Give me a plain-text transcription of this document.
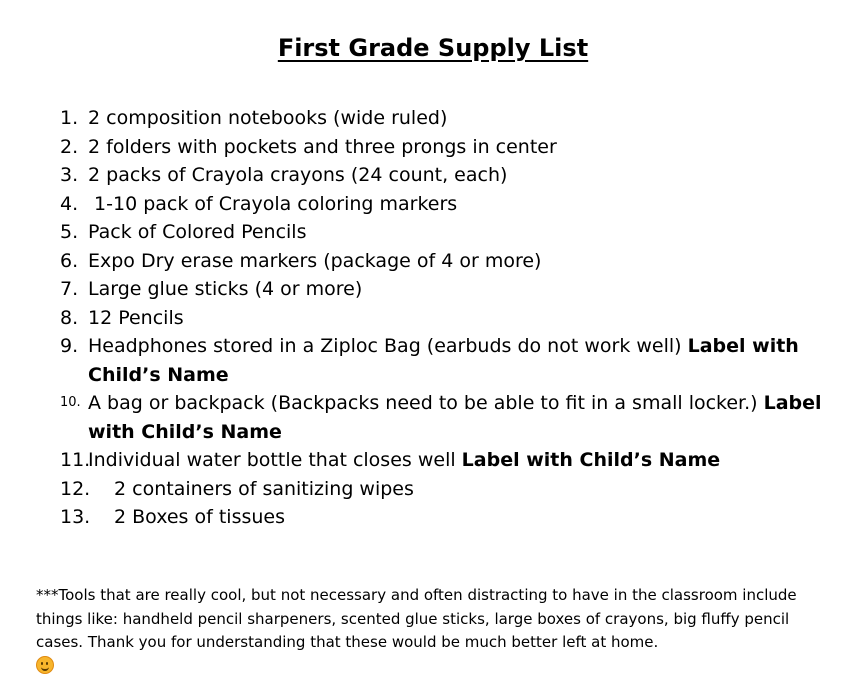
First Grade Supply List
1. 2 composition notebooks (wide ruled)
2. 2 folders with pockets and three prongs in center
3. 2 packs of Crayola crayons (24 count, each)
4. 1-10 pack of Crayola coloring markers
5. Pack of Colored Pencils
6. Expo Dry erase markers (package of 4 or more)
7. Large glue sticks (4 or more)
8. 12 Pencils
9. Headphones stored in a Ziploc Bag (earbuds do not work well) Label with Child’s Name
10. A bag or backpack (Backpacks need to be able to fit in a small locker.) Label with Child’s Name
11.
Individual water bottle that closes well Label with Child’s Name
12. 2 containers of sanitizing wipes
13. 2 Boxes of tissues
***Tools that are really cool, but not necessary and often distracting to have in the classroom include things like: handheld pencil sharpeners, scented glue sticks, large boxes of crayons, big fluffy pencil cases. Thank you for understanding that these would be much better left at home.
